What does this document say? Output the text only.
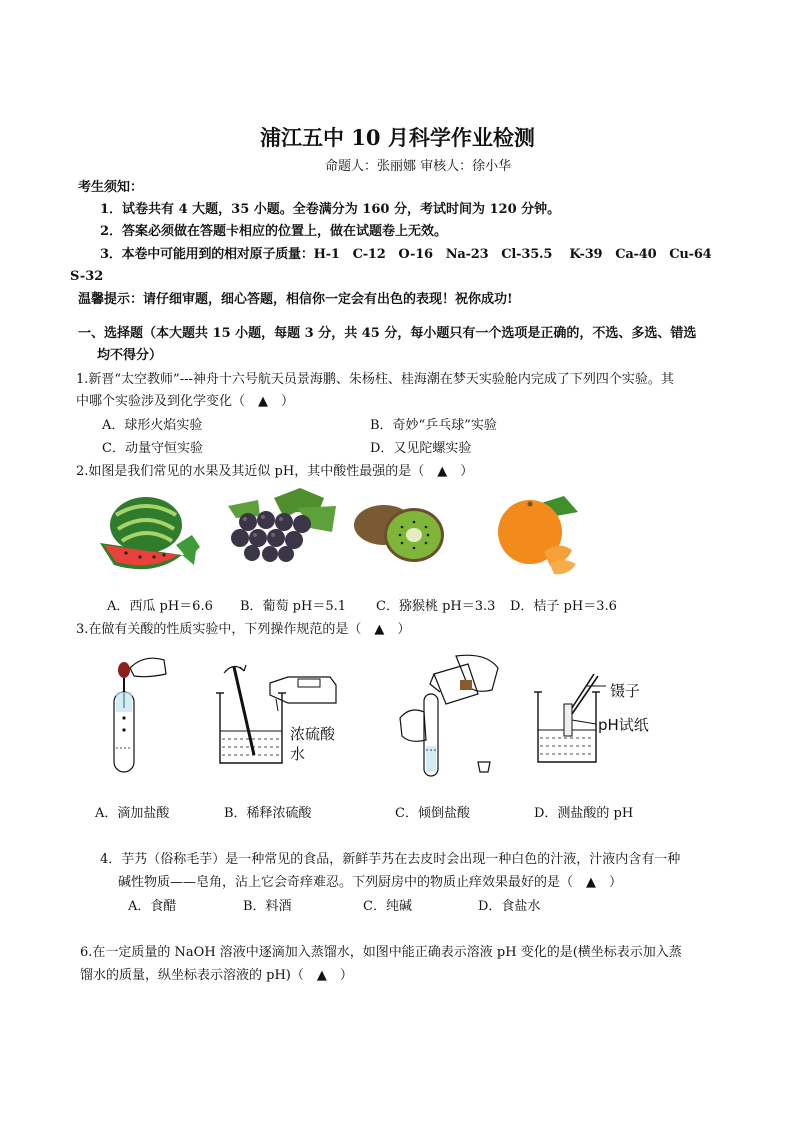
浦江五中 10 月科学作业检测
命题人：张丽娜 审核人：徐小华
考生须知：
1．试卷共有 4 大题，35 小题。全卷满分为 160 分，考试时间为 120 分钟。
2．答案必须做在答题卡相应的位置上，做在试题卷上无效。
3．本卷中可能用到的相对原子质量：H-1　C-12　O-16　Na-23　Cl-35.5　 K-39　Ca-40　Cu-64
S-32
温馨提示：请仔细审题，细心答题，相信你一定会有出色的表现！祝你成功!
一、选择题（本大题共 15 小题，每题 3 分，共 45 分，每小题只有一个选项是正确的，不选、多选、错选
均不得分）
1.新晋“太空教师”---神舟十六号航天员景海鹏、朱杨柱、桂海潮在梦天实验舱内完成了下列四个实验。其
中哪个实验涉及到化学变化（　▲　）
A．球形火焰实验	B．奇妙“乒乓球”实验
C．动量守恒实验	D．又见陀螺实验
2.如图是我们常见的水果及其近似 pH，其中酸性最强的是（　▲　）
A．西瓜 pH＝6.6 B．葡萄 pH＝5.1 C．猕猴桃 pH＝3.3 D．桔子 pH＝3.6
3.在做有关酸的性质实验中，下列操作规范的是（　▲　）
浓硫酸
水
镊子
pH试纸
A．滴加盐酸	B．稀释浓硫酸	C．倾倒盐酸	D．测盐酸的 pH
4．芋艿（俗称毛芋）是一种常见的食品，新鲜芋艿在去皮时会出现一种白色的汁液，汁液内含有一种
碱性物质——皂角，沾上它会奇痒难忍。下列厨房中的物质止痒效果最好的是（　▲　）
A．食醋	B．料酒	C．纯碱	D．食盐水
6.在一定质量的 NaOH 溶液中逐滴加入蒸馏水，如图中能正确表示溶液 pH 变化的是(横坐标表示加入蒸
馏水的质量，纵坐标表示溶液的 pH)（　▲　）
